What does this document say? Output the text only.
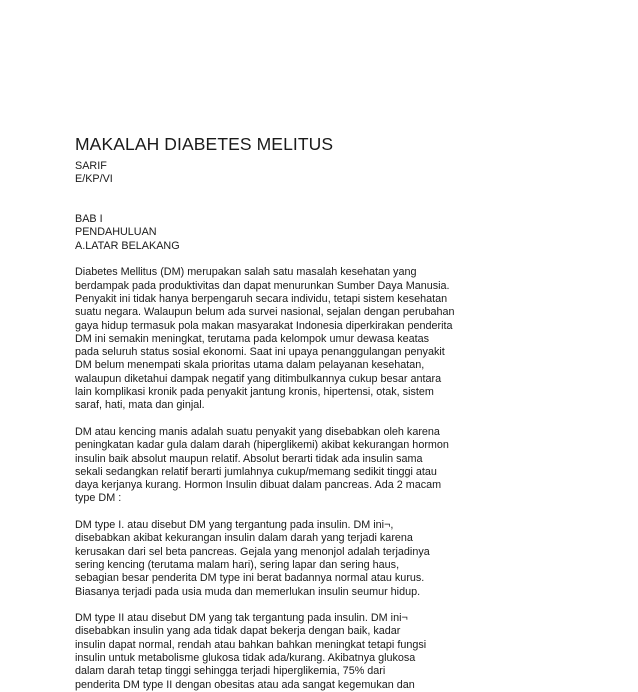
MAKALAH DIABETES MELITUS
SARIF
E/KP/VI
BAB I
PENDAHULUAN
A.LATAR BELAKANG
Diabetes Mellitus (DM) merupakan salah satu masalah kesehatan yang
berdampak pada produktivitas dan dapat menurunkan Sumber Daya Manusia.
Penyakit ini tidak hanya berpengaruh secara individu, tetapi sistem kesehatan
suatu negara. Walaupun belum ada survei nasional, sejalan dengan perubahan
gaya hidup termasuk pola makan masyarakat Indonesia diperkirakan penderita
DM ini semakin meningkat, terutama pada kelompok umur dewasa keatas
pada seluruh status sosial ekonomi. Saat ini upaya penanggulangan penyakit
DM belum menempati skala prioritas utama dalam pelayanan kesehatan,
walaupun diketahui dampak negatif yang ditimbulkannya cukup besar antara
lain komplikasi kronik pada penyakit jantung kronis, hipertensi, otak, sistem
saraf, hati, mata dan ginjal.
DM atau kencing manis adalah suatu penyakit yang disebabkan oleh karena
peningkatan kadar gula dalam darah (hiperglikemi) akibat kekurangan hormon
insulin baik absolut maupun relatif. Absolut berarti tidak ada insulin sama
sekali sedangkan relatif berarti jumlahnya cukup/memang sedikit tinggi atau
daya kerjanya kurang. Hormon Insulin dibuat dalam pancreas. Ada 2 macam
type DM :
DM type I. atau disebut DM yang tergantung pada insulin. DM ini¬,
disebabkan akibat kekurangan insulin dalam darah yang terjadi karena
kerusakan dari sel beta pancreas. Gejala yang menonjol adalah terjadinya
sering kencing (terutama malam hari), sering lapar dan sering haus,
sebagian besar penderita DM type ini berat badannya normal atau kurus.
Biasanya terjadi pada usia muda dan memerlukan insulin seumur hidup.
DM type II atau disebut DM yang tak tergantung pada insulin. DM ini¬
disebabkan insulin yang ada tidak dapat bekerja dengan baik, kadar
insulin dapat normal, rendah atau bahkan bahkan meningkat tetapi fungsi
insulin untuk metabolisme glukosa tidak ada/kurang. Akibatnya glukosa
dalam darah tetap tinggi sehingga terjadi hiperglikemia, 75% dari
penderita DM type II dengan obesitas atau ada sangat kegemukan dan
